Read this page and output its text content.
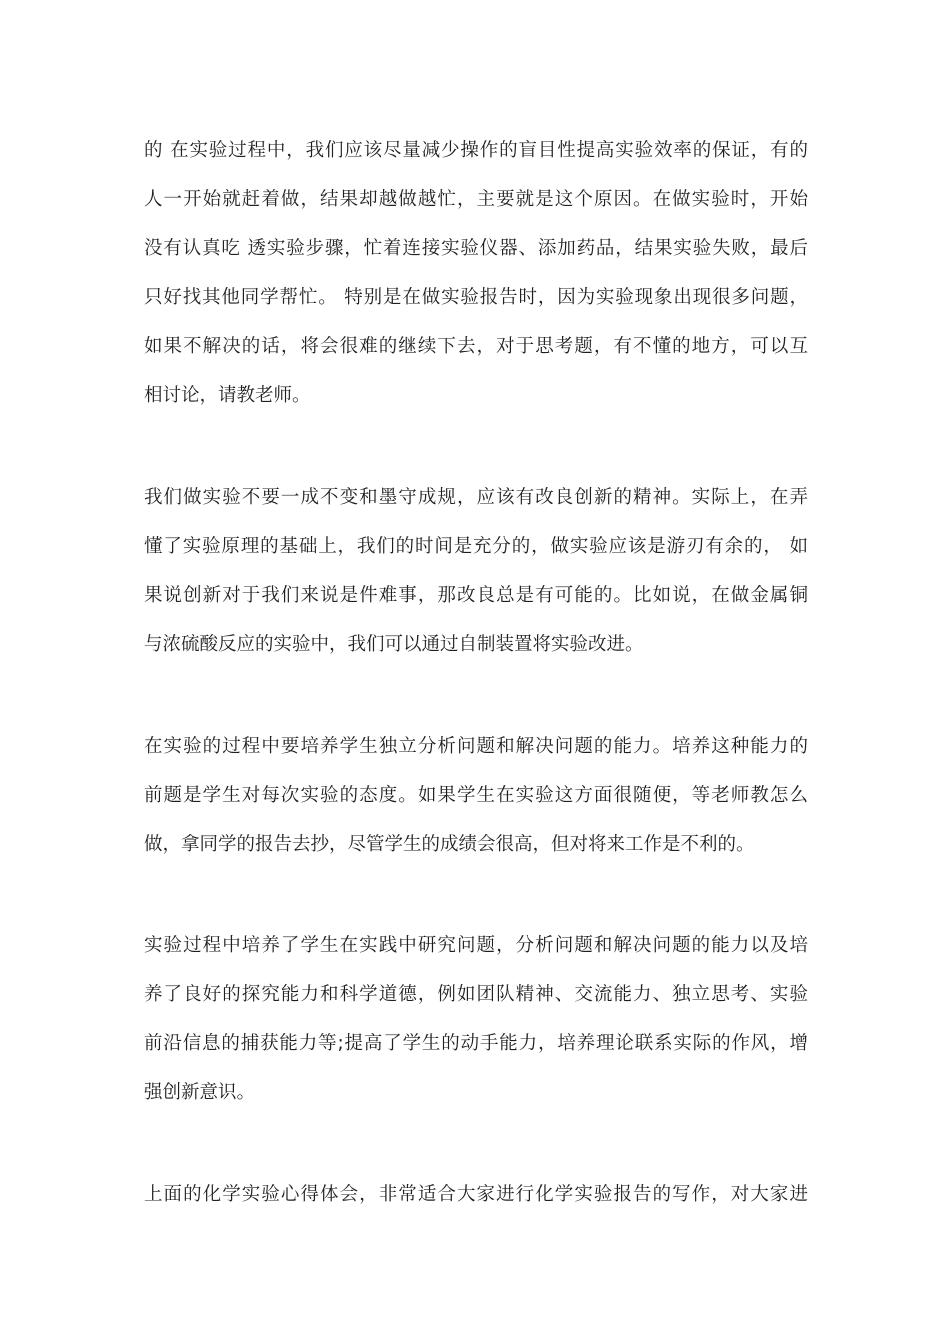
的 在实验过程中，我们应该尽量减少操作的盲目性提高实验效率的保证，有的
人一开始就赶着做，结果却越做越忙，主要就是这个原因。在做实验时，开始
没有认真吃 透实验步骤，忙着连接实验仪器、添加药品，结果实验失败，最后
只好找其他同学帮忙。 特别是在做实验报告时，因为实验现象出现很多问题，
如果不解决的话，将会很难的继续下去，对于思考题，有不懂的地方，可以互
相讨论，请教老师。
我们做实验不要一成不变和墨守成规，应该有改良创新的精神。实际上，在弄
懂了实验原理的基础上，我们的时间是充分的，做实验应该是游刃有余的， 如
果说创新对于我们来说是件难事，那改良总是有可能的。比如说，在做金属铜
与浓硫酸反应的实验中，我们可以通过自制装置将实验改进。
在实验的过程中要培养学生独立分析问题和解决问题的能力。培养这种能力的
前题是学生对每次实验的态度。如果学生在实验这方面很随便，等老师教怎么
做，拿同学的报告去抄，尽管学生的成绩会很高，但对将来工作是不利的。
实验过程中培养了学生在实践中研究问题，分析问题和解决问题的能力以及培
养了良好的探究能力和科学道德，例如团队精神、交流能力、独立思考、实验
前沿信息的捕获能力等;提高了学生的动手能力，培养理论联系实际的作风，增
强创新意识。
上面的化学实验心得体会，非常适合大家进行化学实验报告的写作，对大家进
